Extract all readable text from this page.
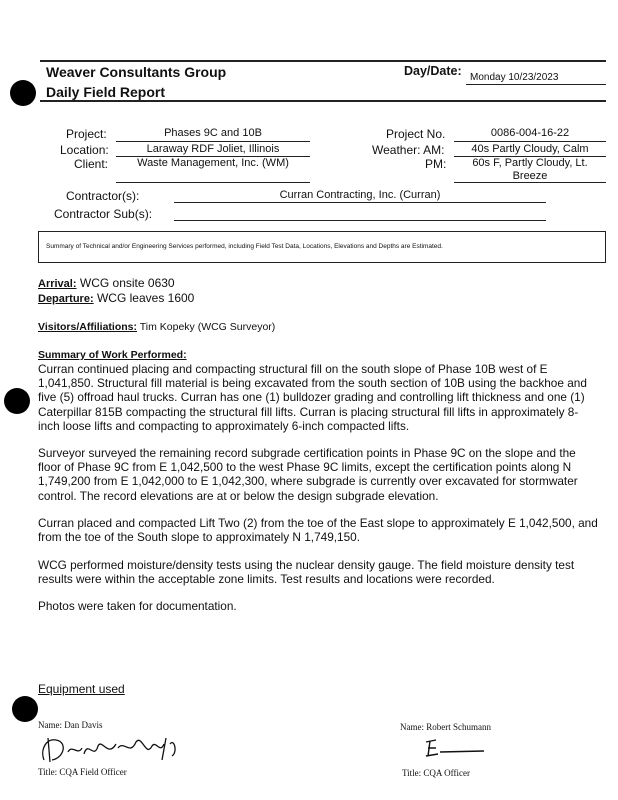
Weaver Consultants Group
Daily Field Report
Day/Date: Monday 10/23/2023
Project:	Phases 9C and 10B
Location:	Laraway RDF Joliet, Illinois
Client:	Waste Management, Inc. (WM)
Project No.	0086-004-16-22
Weather: AM:	40s Partly Cloudy, Calm
PM:	60s F, Partly Cloudy, Lt.
Breeze
Contractor(s):	Curran Contracting, Inc. (Curran)
Contractor Sub(s):
Summary of Technical and/or Engineering Services performed, including Field Test Data, Locations, Elevations and Depths are Estimated.
Arrival: WCG onsite 0630
Departure: WCG leaves 1600
Visitors/Affiliations: Tim Kopeky (WCG Surveyor)
Summary of Work Performed:
Curran continued placing and compacting structural fill on the south slope of Phase 10B west of E 1,041,850. Structural fill material is being excavated from the south section of 10B using the backhoe and five (5) offroad haul trucks. Curran has one (1) bulldozer grading and controlling lift thickness and one (1) Caterpillar 815B compacting the structural fill lifts. Curran is placing structural fill lifts in approximately 8-inch loose lifts and compacting to approximately 6-inch compacted lifts.
Surveyor surveyed the remaining record subgrade certification points in Phase 9C on the slope and the floor of Phase 9C from E 1,042,500 to the west Phase 9C limits, except the certification points along N 1,749,200 from E 1,042,000 to E 1,042,300, where subgrade is currently over excavated for stormwater control. The record elevations are at or below the design subgrade elevation.
Curran placed and compacted Lift Two (2) from the toe of the East slope to approximately E 1,042,500, and from the toe of the South slope to approximately N 1,749,150.
WCG performed moisture/density tests using the nuclear density gauge. The field moisture density test results were within the acceptable zone limits. Test results and locations were recorded.
Photos were taken for documentation.
Equipment used
Name: Dan Davis
Title: CQA Field Officer
Name: Robert Schumann
Title: CQA Officer
